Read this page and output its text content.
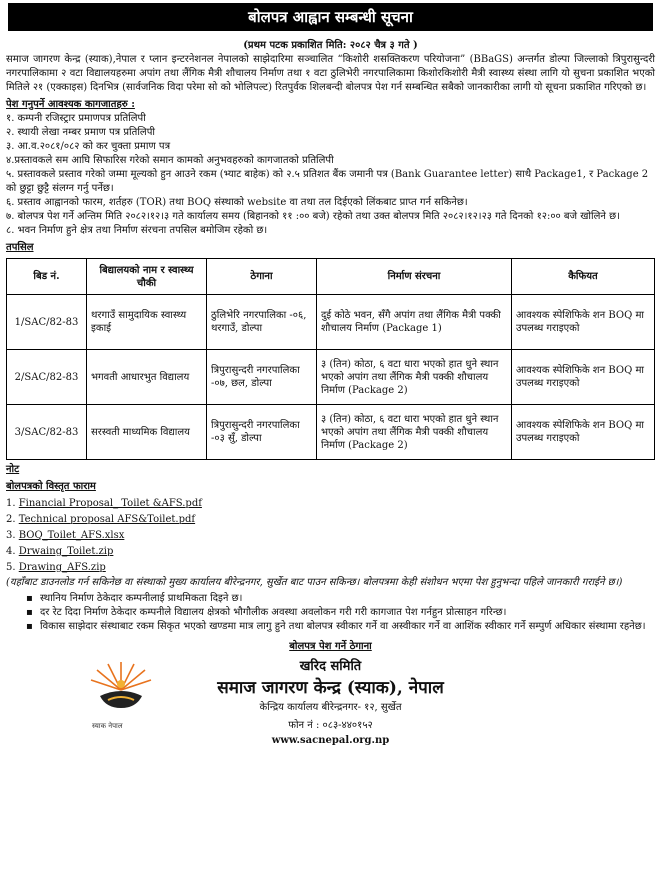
बोलपत्र आह्वान सम्बन्धी सूचना
(प्रथम पटक प्रकाशित मिति: २०८२ चैत्र ३ गते )

समाज जागरण केन्द्र (स्याक),नेपाल र प्लान इन्टरनेशनल नेपालको साझेदारिमा सञ्चालित “किशोरी शसक्तिकरण परियोजना” (BBaGS) अन्तर्गत डोल्पा जिल्लाको त्रिपुरासुन्दरी नगरपालिकामा २ वटा विद्यालयहरुमा अपांग तथा लैंगिक मैत्री शौचालय निर्माण तथा १ वटा ठुलिभेरी नगरपालिकामा किशोरकिशोरी मैत्री स्वास्थ्य संस्था लागि यो सुचना प्रकाशित भएको मितिले २१ (एक्काइस) दिनभित्र (सार्वजनिक विदा परेमा सो को भोलिपल्ट) रितपुर्वक शिलबन्दी बोलपत्र पेश गर्न सम्बन्धित सबैको जानकारीका लागी यो सूचना प्रकाशित गरिएको छ।

पेश गनुपर्ने आवश्यक कागजातहरु :
१. कम्पनी रजिस्ट्रार प्रमाणपत्र प्रतिलिपी
२. स्थायी लेखा नम्बर प्रमाण पत्र प्रतिलिपी
३. आ.व.२०८१/०८२ को कर चुक्ता प्रमाण पत्र
४.प्रस्तावकले सम आघि सिफारिस गरेको समान कामको अनुभवहरुको कागजातको प्रतिलिपी
५. प्रस्तावकले प्रस्ताव गरेको जम्मा मूल्यको हुन आउने रकम (भ्याट बाहेक) को २.५ प्रतिशत बैंक जमानी पत्र (Bank Guarantee letter) साथै Package1, र Package 2 को छुट्टा छुट्टै संलग्न गर्नु पर्नेछ।
६. प्रस्ताव आह्वानको फारम, शर्तहरु (TOR) तथा BOQ संस्थाको website वा तथा तल दिईएको लिंकबाट प्राप्त गर्न सकिनेछ।
७. बोलपत्र पेश गर्ने अन्तिम मिति २०८२।१२।३ गते कार्यालय समय (बिहानको ११ :०० बजे) रहेको तथा उक्त बोलपत्र मिति २०८२।१२।२३ गते दिनको १२:०० बजे खोलिने छ।
८. भवन निर्माण हुने क्षेत्र तथा निर्माण संरचना तपसिल बमोजिम रहेको छ।
तपसिल
बिड नं.	बिद्यालयको नाम र स्वास्थ्य चौकी	ठेगाना	निर्माण संरचना	कैफियत
1/SAC/82-83	थरगाउँ सामुदायिक स्वास्थ्य इकाई	ठुलिभेरि नगरपालिका -०६, थरगाउँ, डोल्पा	दुई कोठे भवन, सँगै अपांग तथा लैंगिक मैत्री पक्की शौचालय निर्माण (Package 1)	आवश्यक स्पेशिफिके शन BOQ मा उपलब्ध गराइएको
2/SAC/82-83	भगवती आधारभुत विद्यालय	त्रिपुरासुन्दरी नगरपालिका -०७, छल, डोल्पा	३ (तिन) कोठा, ६ वटा धारा भएको हात धुने स्थान भएको अपांग तथा लैंगिक मैत्री पक्की शौचालय निर्माण (Package 2)	आवश्यक स्पेशिफिके शन BOQ मा उपलब्ध गराइएको
3/SAC/82-83	सरस्वती माध्यमिक विद्यालय	त्रिपुरासुन्दरी नगरपालिका -०३ सुँ, डोल्पा	३ (तिन) कोठा, ६ वटा धारा भएको हात धुने स्थान भएको अपांग तथा लैंगिक मैत्री पक्की शौचालय निर्माण (Package 2)	आवश्यक स्पेशिफिके शन BOQ मा उपलब्ध गराइएको
नोट
बोलपत्रको विस्तृत फाराम
1. Financial Proposal_ Toilet &AFS.pdf
2. Technical proposal AFS&Toilet.pdf
3. BOQ_Toilet_AFS.xlsx
4. Drwaing_Toilet.zip
5. Drawing_AFS.zip

(यहाँबाट डाउनलोड गर्न सकिनेछ वा संस्थाको मुख्य कार्यालय बीरेन्द्रनगर, सुर्खेत बाट पाउन सकिन्छ। बोलपत्रमा केही संशोधन भएमा पेश हुनुभन्दा पहिले जानकारी गराईने छ।)

▪ स्थानिय निर्माण ठेकेदार कम्पनीलाई प्राथमिकता दिइने छ।
▪ दर रेट दिदा निर्माण ठेकेदार कम्पनीले विद्यालय क्षेत्रको भौगौलीक अवस्था अवलोकन गरी गरी कागजात पेश गर्नहुन प्रोत्साहन गरिन्छ।
▪ विकास साझेदार संस्थाबाट रकम सिकृत भएको खण्डमा मात्र लागु हुने तथा बोलपत्र स्वीकार गर्ने वा अस्वीकार गर्ने वा आशिंक स्वीकार गर्ने सम्पुर्ण अधिकार संस्थामा रहनेछ।
बोलपत्र पेश गर्ने ठेगाना
खरिद समिति
समाज जागरण केन्द्र (स्याक), नेपाल
केन्द्रिय कार्यालय बीरेन्द्रनगर- १२, सुर्खेत
फोन नं : ०८३-४४०१५२
www.sacnepal.org.np
स्याक नेपाल
